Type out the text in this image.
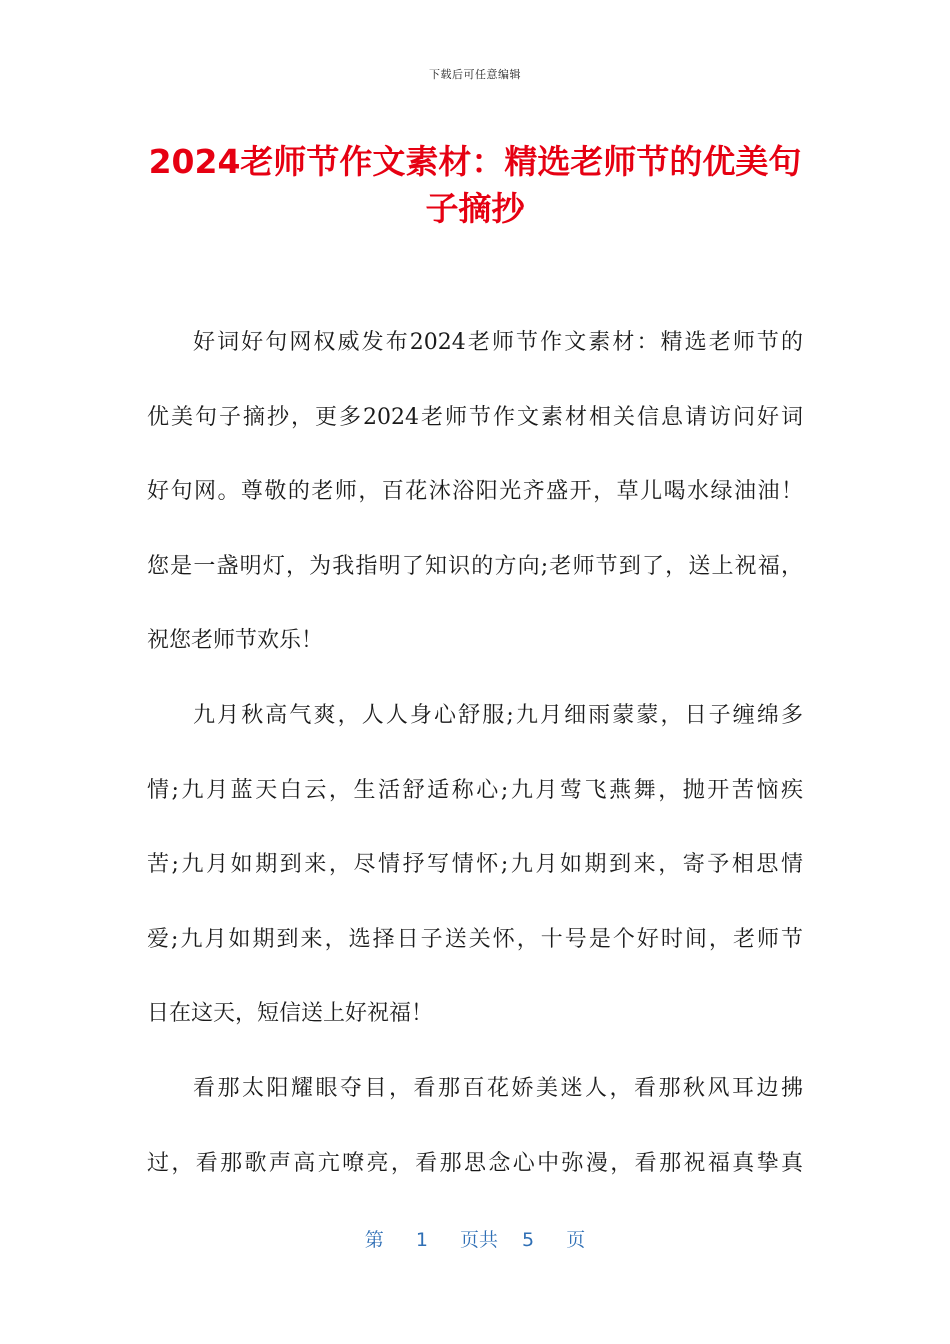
下载后可任意编辑
2024老师节作文素材：精选老师节的优美句
子摘抄
好词好句网权威发布2024老师节作文素材：精选老师节的
优美句子摘抄，更多2024老师节作文素材相关信息请访问好词
好句网。尊敬的老师，百花沐浴阳光齐盛开，草儿喝水绿油油！
您是一盏明灯，为我指明了知识的方向;老师节到了，送上祝福，
祝您老师节欢乐！
九月秋高气爽，人人身心舒服;九月细雨蒙蒙，日子缠绵多
情;九月蓝天白云，生活舒适称心;九月莺飞燕舞，抛开苦恼疾
苦;九月如期到来，尽情抒写情怀;九月如期到来，寄予相思情
爱;九月如期到来，选择日子送关怀，十号是个好时间，老师节
日在这天，短信送上好祝福！
看那太阳耀眼夺目，看那百花娇美迷人，看那秋风耳边拂
过，看那歌声高亢嘹亮，看那思念心中弥漫，看那祝福真挚真
第 1 页共 5 页
